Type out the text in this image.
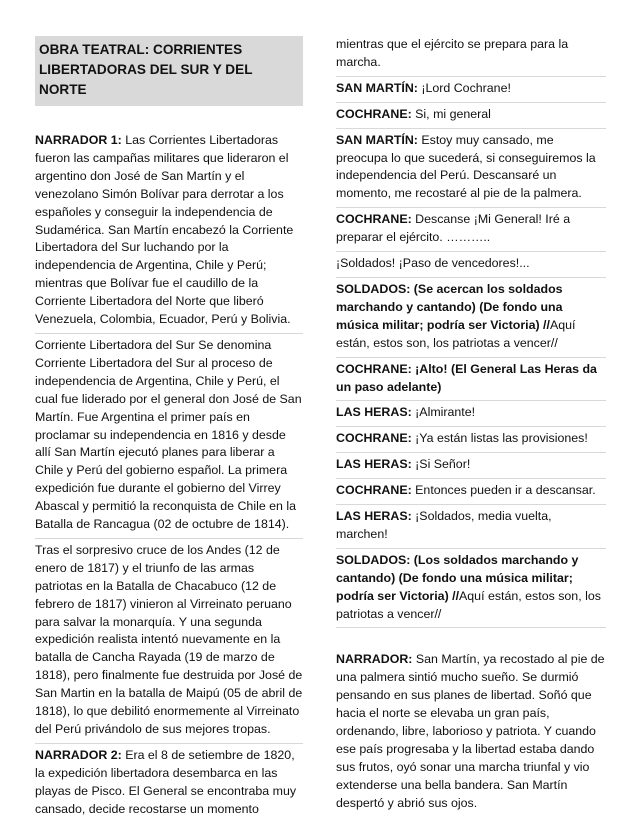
OBRA TEATRAL: CORRIENTES LIBERTADORAS DEL SUR Y DEL NORTE
NARRADOR 1: Las Corrientes Libertadoras fueron las campañas militares que lideraron el argentino don José de San Martín y el venezolano Simón Bolívar para derrotar a los españoles y conseguir la independencia de Sudamérica. San Martín encabezó la Corriente Libertadora del Sur luchando por la independencia de Argentina, Chile y Perú; mientras que Bolívar fue el caudillo de la Corriente Libertadora del Norte que liberó Venezuela, Colombia, Ecuador, Perú y Bolivia.
Corriente Libertadora del Sur Se denomina Corriente Libertadora del Sur al proceso de independencia de Argentina, Chile y Perú, el cual fue liderado por el general don José de San Martín. Fue Argentina el primer país en proclamar su independencia en 1816 y desde allí San Martín ejecutó planes para liberar a Chile y Perú del gobierno español. La primera expedición fue durante el gobierno del Virrey Abascal y permitió la reconquista de Chile en la Batalla de Rancagua (02 de octubre de 1814).
Tras el sorpresivo cruce de los Andes (12 de enero de 1817) y el triunfo de las armas patriotas en la Batalla de Chacabuco (12 de febrero de 1817) vinieron al Virreinato peruano para salvar la monarquía. Y una segunda expedición realista intentó nuevamente en la batalla de Cancha Rayada (19 de marzo de 1818), pero finalmente fue destruida por José de San Martin en la batalla de Maipú (05 de abril de 1818), lo que debilitó enormemente al Virreinato del Perú privándolo de sus mejores tropas.
NARRADOR 2: Era el 8 de setiembre de 1820, la expedición libertadora desembarca en las playas de Pisco. El General se encontraba muy cansado, decide recostarse un momento
mientras que el ejército se prepara para la marcha.
SAN MARTÍN: ¡Lord Cochrane!
COCHRANE: Si, mi general
SAN MARTÍN: Estoy muy cansado, me preocupa lo que sucederá, si conseguiremos la independencia del Perú. Descansaré un momento, me recostaré al pie de la palmera.
COCHRANE: Descanse ¡Mi General! Iré a preparar el ejército. ………..
¡Soldados! ¡Paso de vencedores!...
SOLDADOS: (Se acercan los soldados marchando y cantando) (De fondo una música militar; podría ser Victoria) //Aquí están, estos son, los patriotas a vencer//
COCHRANE: ¡Alto! (El General Las Heras da un paso adelante)
LAS HERAS: ¡Almirante!
COCHRANE: ¡Ya están listas las provisiones!
LAS HERAS: ¡Si Señor!
COCHRANE: Entonces pueden ir a descansar.
LAS HERAS: ¡Soldados, media vuelta, marchen!
SOLDADOS: (Los soldados marchando y cantando) (De fondo una música militar; podría ser Victoria) //Aquí están, estos son, los patriotas a vencer//
NARRADOR: San Martín, ya recostado al pie de una palmera sintió mucho sueño. Se durmió pensando en sus planes de libertad. Soñó que hacia el norte se elevaba un gran país, ordenando, libre, laborioso y patriota. Y cuando ese país progresaba y la libertad estaba dando sus frutos, oyó sonar una marcha triunfal y vio extenderse una bella bandera. San Martín despertó y abrió sus ojos.
